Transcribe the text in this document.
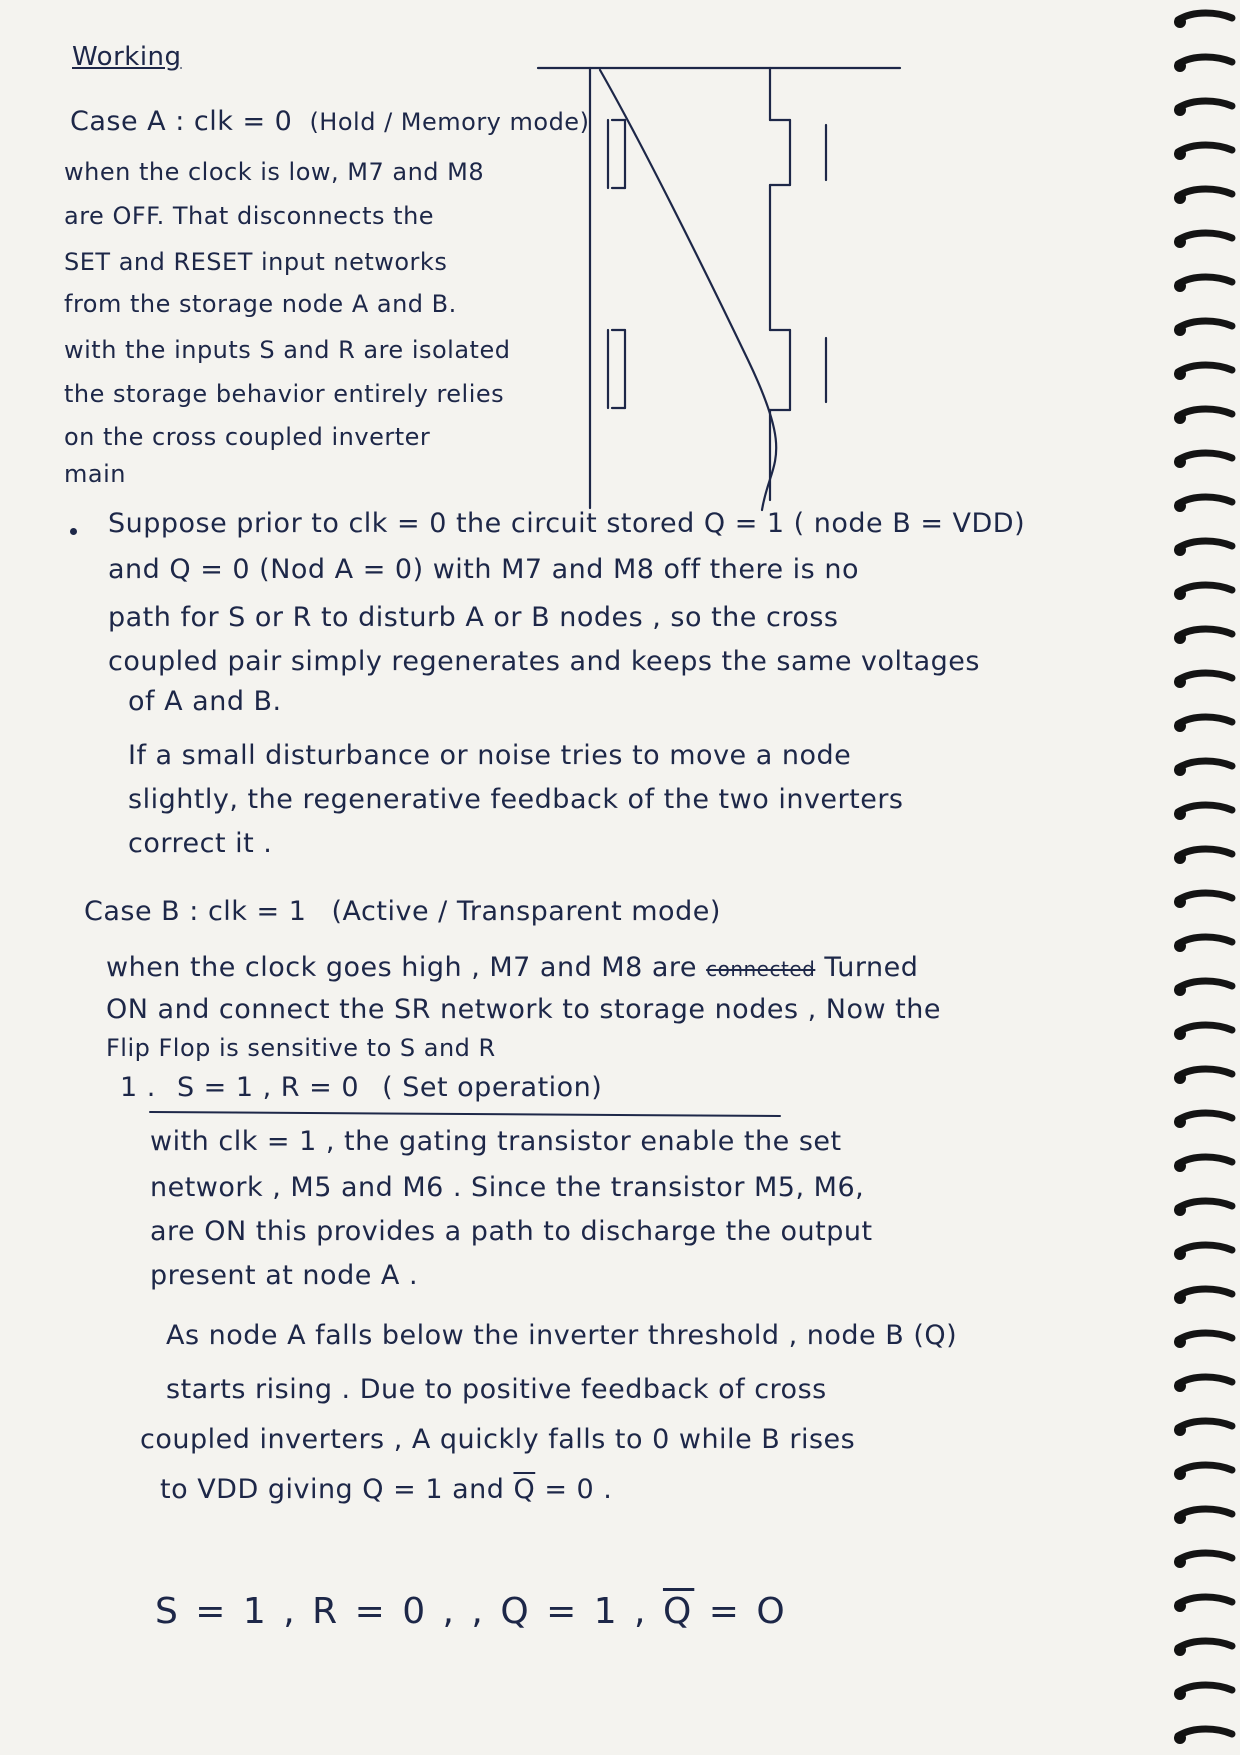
Working
Case A : clk = 0 (Hold / Memory mode)
when the clock is low, M7 and M8
are OFF. That disconnects the
SET and RESET input networks
from the storage node A and B.
with the inputs S and R are isolated
the storage behavior entirely relies
on the cross coupled inverter
main
Suppose prior to clk = 0 the circuit stored Q = 1 ( node B = VDD)
and Q = 0 (Nod A = 0) with M7 and M8 off there is no
path for S or R to disturb A or B nodes , so the cross
coupled pair simply regenerates and keeps the same voltages
of A and B.
If a small disturbance or noise tries to move a node
slightly, the regenerative feedback of the two inverters
correct it .
Case B : clk = 1 (Active / Transparent mode)
when the clock goes high , M7 and M8 are connected Turned
ON and connect the SR network to storage nodes , Now the
Flip Flop is sensitive to S and R
1 . S = 1 , R = 0 ( Set operation)
with clk = 1 , the gating transistor enable the set
network , M5 and M6 . Since the transistor M5, M6,
are ON this provides a path to discharge the output
present at node A .
As node A falls below the inverter threshold , node B (Q)
starts rising . Due to positive feedback of cross
coupled inverters , A quickly falls to 0 while B rises
to VDD giving Q = 1 and $\overline{Q} = 0$ .
S = 1 , R = 0 , , Q = 1 , $\overline{Q} = O$
